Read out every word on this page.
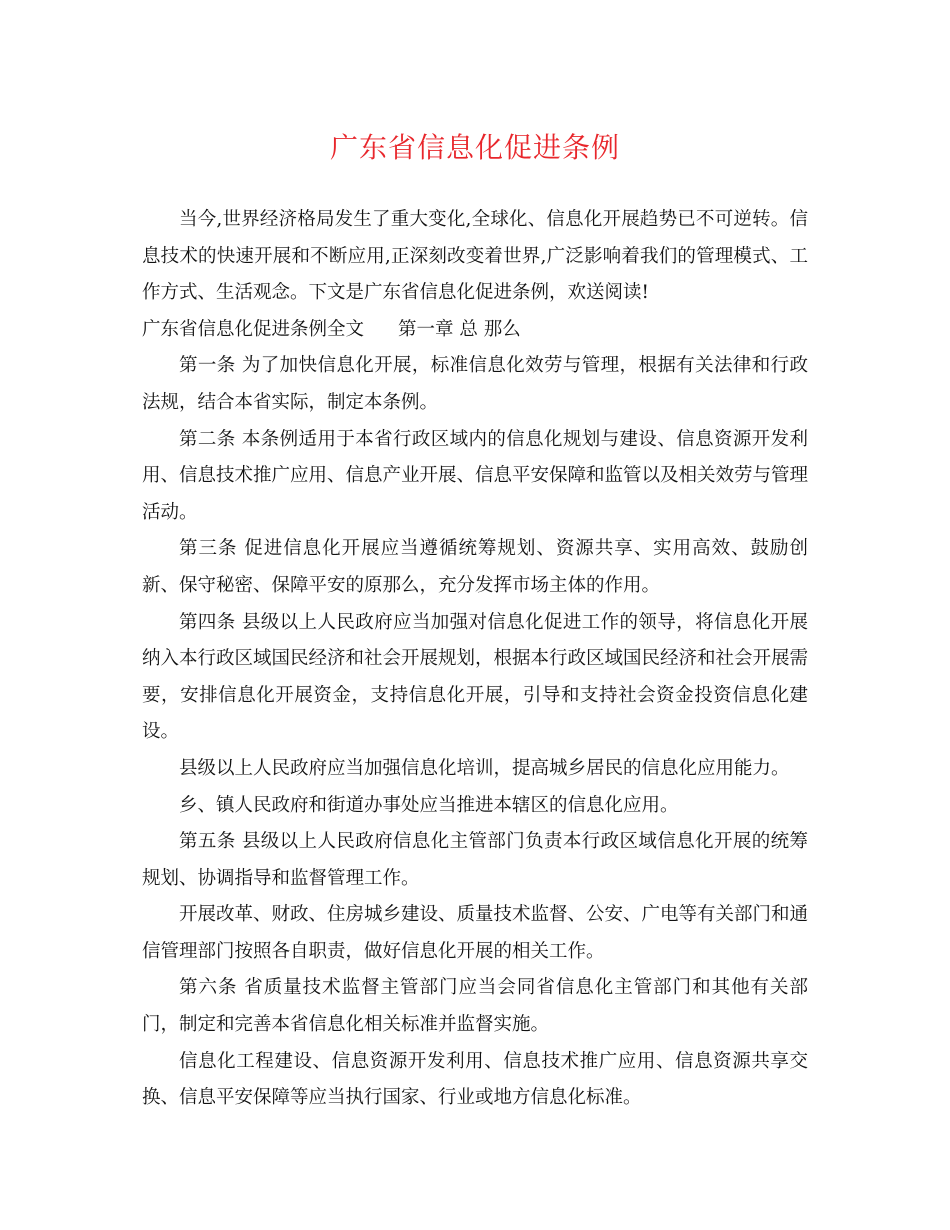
广东省信息化促进条例

当今,世界经济格局发生了重大变化,全球化、信息化开展趋势已不可逆转。信息技术的快速开展和不断应用,正深刻改变着世界,广泛影响着我们的管理模式、工作方式、生活观念。下文是广东省信息化促进条例，欢送阅读!

广东省信息化促进条例全文 第一章 总 那么

第一条 为了加快信息化开展，标准信息化效劳与管理，根据有关法律和行政法规，结合本省实际，制定本条例。

第二条 本条例适用于本省行政区域内的信息化规划与建设、信息资源开发利用、信息技术推广应用、信息产业开展、信息平安保障和监管以及相关效劳与管理活动。

第三条 促进信息化开展应当遵循统筹规划、资源共享、实用高效、鼓励创新、保守秘密、保障平安的原那么，充分发挥市场主体的作用。

第四条 县级以上人民政府应当加强对信息化促进工作的领导，将信息化开展纳入本行政区域国民经济和社会开展规划，根据本行政区域国民经济和社会开展需要，安排信息化开展资金，支持信息化开展，引导和支持社会资金投资信息化建设。

县级以上人民政府应当加强信息化培训，提高城乡居民的信息化应用能力。

乡、镇人民政府和街道办事处应当推进本辖区的信息化应用。

第五条 县级以上人民政府信息化主管部门负责本行政区域信息化开展的统筹规划、协调指导和监督管理工作。

开展改革、财政、住房城乡建设、质量技术监督、公安、广电等有关部门和通信管理部门按照各自职责，做好信息化开展的相关工作。

第六条 省质量技术监督主管部门应当会同省信息化主管部门和其他有关部门，制定和完善本省信息化相关标准并监督实施。

信息化工程建设、信息资源开发利用、信息技术推广应用、信息资源共享交换、信息平安保障等应当执行国家、行业或地方信息化标准。
